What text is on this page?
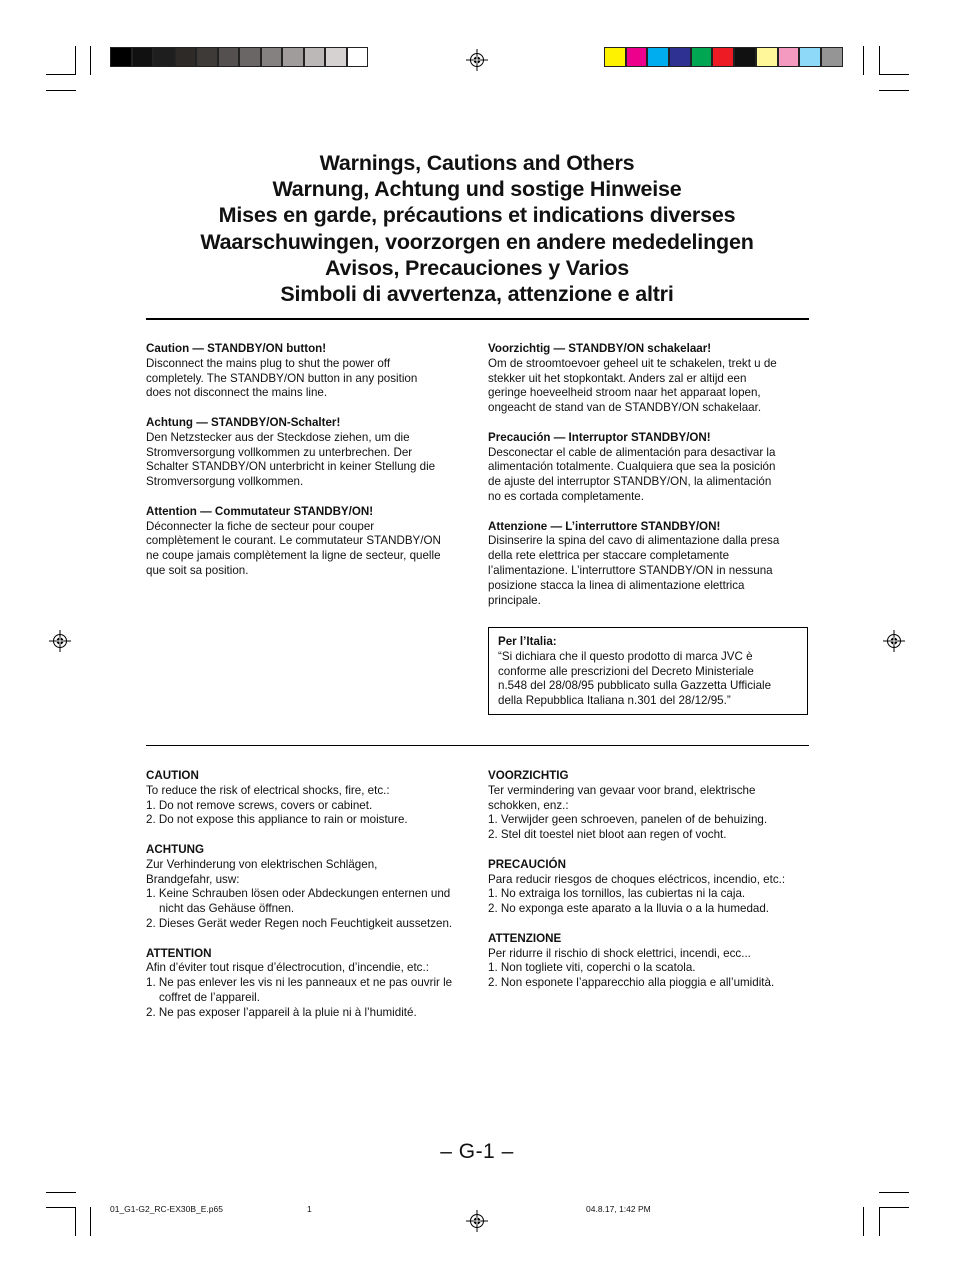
Warnings, Cautions and Others
Warnung, Achtung und sostige Hinweise
Mises en garde, précautions et indications diverses
Waarschuwingen, voorzorgen en andere mededelingen
Avisos, Precauciones y Varios
Simboli di avvertenza, attenzione e altri

Caution — STANDBY/ON button!

Disconnect the mains plug to shut the power off

completely. The STANDBY/ON button in any position

does not disconnect the mains line.

Achtung — STANDBY/ON-Schalter!

Den Netzstecker aus der Steckdose ziehen, um die

Stromversorgung vollkommen zu unterbrechen. Der

Schalter STANDBY/ON unterbricht in keiner Stellung die

Stromversorgung vollkommen.

Attention — Commutateur STANDBY/ON!

Déconnecter la fiche de secteur pour couper

complètement le courant. Le commutateur STANDBY/ON

ne coupe jamais complètement la ligne de secteur, quelle

que soit sa position.

Voorzichtig — STANDBY/ON schakelaar!

Om de stroomtoevoer geheel uit te schakelen, trekt u de

stekker uit het stopkontakt. Anders zal er altijd een

geringe hoeveelheid stroom naar het apparaat lopen,

ongeacht de stand van de STANDBY/ON schakelaar.

Precaución — Interruptor STANDBY/ON!

Desconectar el cable de alimentación para desactivar la

alimentación totalmente. Cualquiera que sea la posición

de ajuste del interruptor STANDBY/ON, la alimentación

no es cortada completamente.

Attenzione — L’interruttore STANDBY/ON!

Disinserire la spina del cavo di alimentazione dalla presa

della rete elettrica per staccare completamente

l’alimentazione. L’interruttore STANDBY/ON in nessuna

posizione stacca la linea di alimentazione elettrica

principale.

Per l’Italia:

“Si dichiara che il questo prodotto di marca JVC è

conforme alle prescrizioni del Decreto Ministeriale

n.548 del 28/08/95 pubblicato sulla Gazzetta Ufficiale

della Repubblica Italiana n.301 del 28/12/95.”

CAUTION

To reduce the risk of electrical shocks, fire, etc.:

1. Do not remove screws, covers or cabinet.

2. Do not expose this appliance to rain or moisture.

ACHTUNG

Zur Verhinderung von elektrischen Schlägen,

Brandgefahr, usw:

1. Keine Schrauben lösen oder Abdeckungen enternen und nicht das Gehäuse öffnen.

2. Dieses Gerät weder Regen noch Feuchtigkeit aussetzen.

ATTENTION

Afin d’éviter tout risque d’électrocution, d’incendie, etc.:

1. Ne pas enlever les vis ni les panneaux et ne pas ouvrir le coffret de l’appareil.

2. Ne pas exposer l’appareil à la pluie ni à l’humidité.

VOORZICHTIG

Ter vermindering van gevaar voor brand, elektrische

schokken, enz.:

1. Verwijder geen schroeven, panelen of de behuizing.

2. Stel dit toestel niet bloot aan regen of vocht.

PRECAUCIÓN

Para reducir riesgos de choques eléctricos, incendio, etc.:

1. No extraiga los tornillos, las cubiertas ni la caja.

2. No exponga este aparato a la lluvia o a la humedad.

ATTENZIONE

Per ridurre il rischio di shock elettrici, incendi, ecc...

1. Non togliete viti, coperchi o la scatola.

2. Non esponete l’apparecchio alla pioggia e all’umidità.

– G-1 –
01_G1-G2_RC-EX30B_E.p65	1	04.8.17, 1:42 PM
